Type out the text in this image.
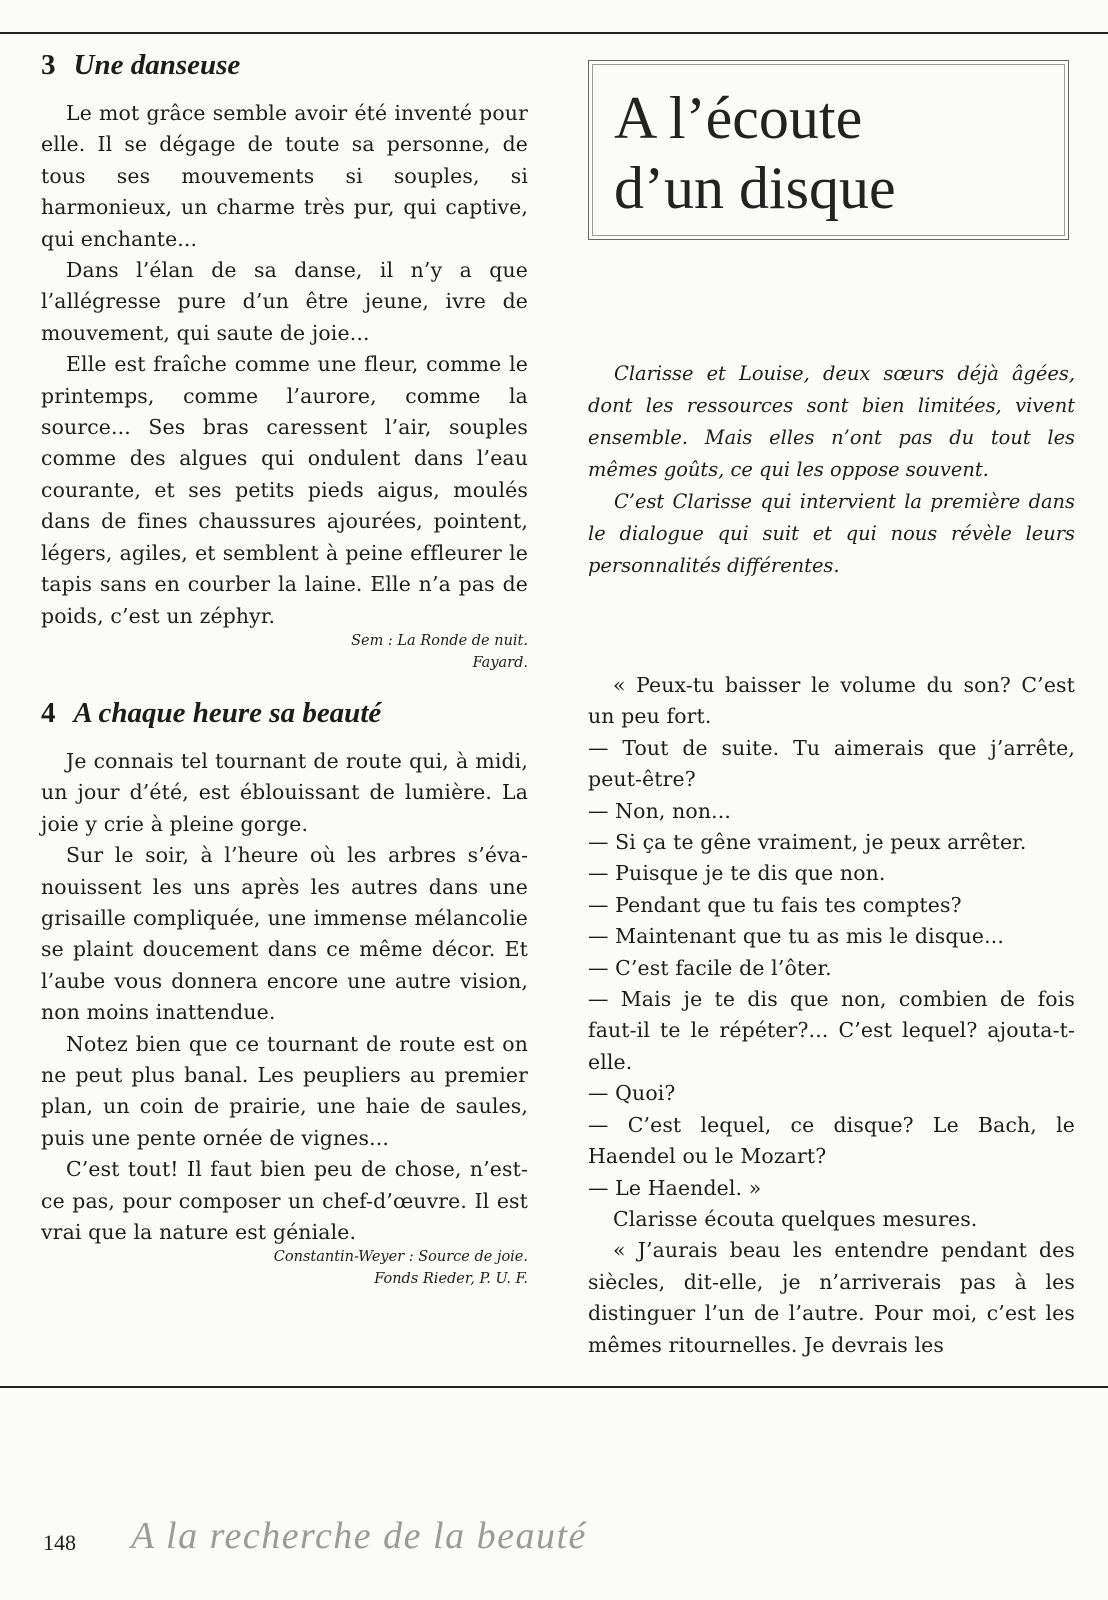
3 Une danseuse

Le mot grâce semble avoir été inventé pour elle. Il se dégage de toute sa personne, de tous ses mouvements si souples, si harmonieux, un charme très pur, qui captive, qui enchante...

Dans l’élan de sa danse, il n’y a que l’allégresse pure d’un être jeune, ivre de mouvement, qui saute de joie...

Elle est fraîche comme une fleur, comme le printemps, comme l’aurore, comme la source... Ses bras caressent l’air, souples comme des algues qui ondulent dans l’eau courante, et ses petits pieds aigus, moulés dans de fines chaussures ajourées, pointent, légers, agiles, et semblent à peine effleurer le tapis sans en courber la laine. Elle n’a pas de poids, c’est un zéphyr.

Sem : La Ronde de nuit.
Fayard.
4 A chaque heure sa beauté

Je connais tel tournant de route qui, à midi, un jour d’été, est éblouissant de lumière. La joie y crie à pleine gorge.

Sur le soir, à l’heure où les arbres s’évanouissent les uns après les autres dans une grisaille compliquée, une immense mélancolie se plaint doucement dans ce même décor. Et l’aube vous donnera encore une autre vision, non moins inattendue.

Notez bien que ce tournant de route est on ne peut plus banal. Les peupliers au premier plan, un coin de prairie, une haie de saules, puis une pente ornée de vignes...

C’est tout! Il faut bien peu de chose, n’est-ce pas, pour composer un chef-d’œuvre. Il est vrai que la nature est géniale.

Constantin-Weyer : Source de joie.
Fonds Rieder, P. U. F.
A l’écoute
d’un disque

Clarisse et Louise, deux sœurs déjà âgées, dont les ressources sont bien limitées, vivent ensemble. Mais elles n’ont pas du tout les mêmes goûts, ce qui les oppose souvent.

C’est Clarisse qui intervient la première dans le dialogue qui suit et qui nous révèle leurs personnalités différentes.

« Peux-tu baisser le volume du son? C’est un peu fort.

— Tout de suite. Tu aimerais que j’arrête, peut-être?

— Non, non...

— Si ça te gêne vraiment, je peux arrêter.

— Puisque je te dis que non.

— Pendant que tu fais tes comptes?

— Maintenant que tu as mis le disque...

— C’est facile de l’ôter.

— Mais je te dis que non, combien de fois faut-il te le répéter?... C’est lequel? ajouta-t-elle.

— Quoi?

— C’est lequel, ce disque? Le Bach, le Haendel ou le Mozart?

— Le Haendel. »

Clarisse écouta quelques mesures.

« J’aurais beau les entendre pendant des siècles, dit-elle, je n’arriverais pas à les distinguer l’un de l’autre. Pour moi, c’est les mêmes ritournelles. Je devrais les

148 A la recherche de la beauté
